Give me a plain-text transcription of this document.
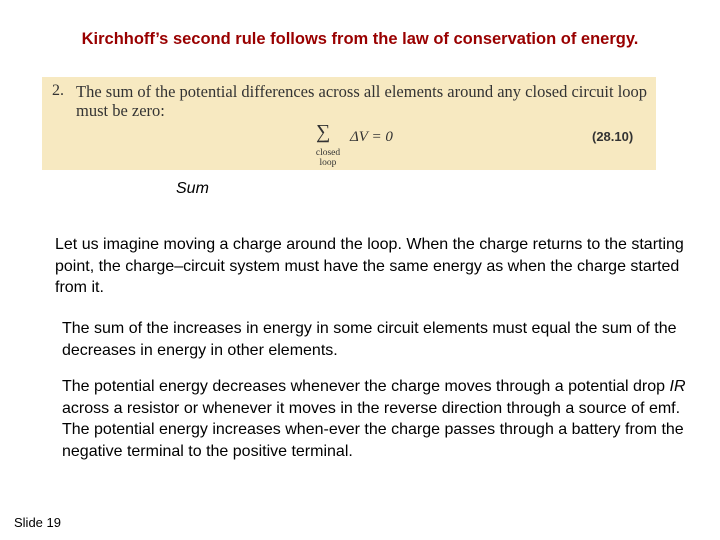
Kirchhoff’s second rule follows from the law of conservation of energy.
2. The sum of the potential differences across all elements around any closed circuit loop must be zero:
∑
closed loop
ΔV = 0	(28.10)
Sum
Let us imagine moving a charge around the loop. When the charge returns to the starting point, the charge–circuit system must have the same energy as when the charge started from it.
The sum of the increases in energy in some circuit elements must equal the sum of the decreases in energy in other elements.
The potential energy decreases whenever the charge moves through a potential drop IR across a resistor or whenever it moves in the reverse direction through a source of emf. The potential energy increases when-ever the charge passes through a battery from the negative terminal to the positive terminal.
Slide 19
